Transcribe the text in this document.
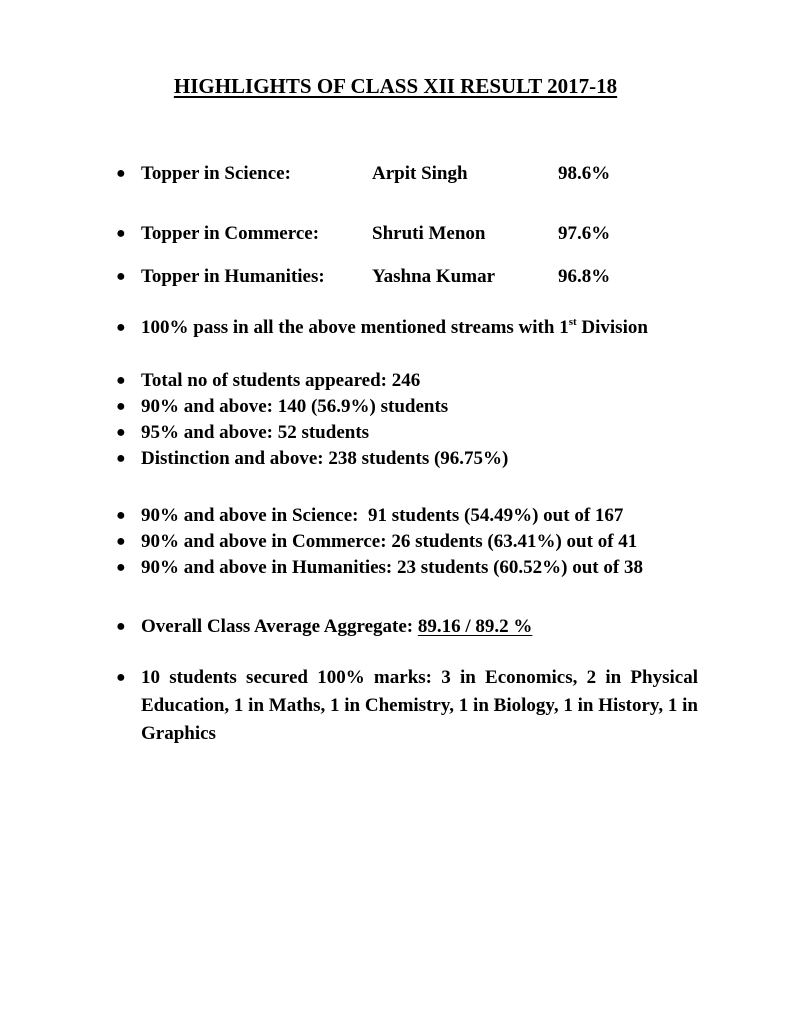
HIGHLIGHTS OF CLASS XII RESULT 2017-18
● Topper in Science:	Arpit Singh	98.6%
● Topper in Commerce:	Shruti Menon	97.6%
● Topper in Humanities: Yashna Kumar	96.8%
● 100% pass in all the above mentioned streams with 1st Division
● Total no of students appeared: 246
● 90% and above: 140 (56.9%) students
● 95% and above: 52 students
● Distinction and above: 238 students (96.75%)
● 90% and above in Science:  91 students (54.49%) out of 167
● 90% and above in Commerce: 26 students (63.41%) out of 41
● 90% and above in Humanities: 23 students (60.52%) out of 38
● Overall Class Average Aggregate: 89.16 / 89.2 %
● 10 students secured 100% marks: 3 in Economics, 2 in Physical Education, 1 in Maths, 1 in Chemistry, 1 in Biology, 1 in History, 1 in Graphics
